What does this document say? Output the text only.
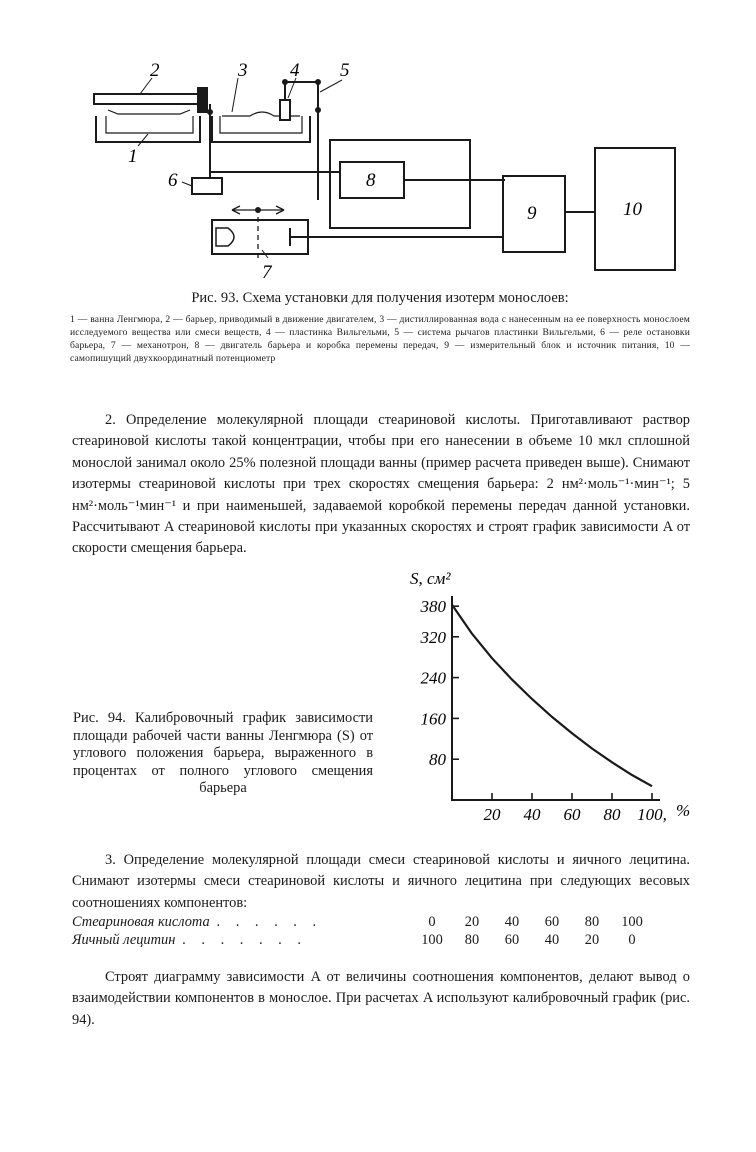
2	3 4 5
1
6
7
8
9	10
Рис. 93. Схема установки для получения изотерм монослоев:
1 — ванна Ленгмюра, 2 — барьер, приводимый в движение двигателем, 3 — дистиллированная вода с нанесенным на ее поверхность монослоем исследуемого вещества или смеси веществ, 4 — пластинка Вильгельми, 5 — система рычагов пластинки Вильгельми, 6 — реле остановки барьера, 7 — механотрон, 8 — двигатель барьера и коробка перемены передач, 9 — измерительный блок и источник питания, 10 — самопишущий двухкоординатный потенциометр
2. Определение молекулярной площади стеариновой кислоты. Приготавливают раствор стеариновой кислоты такой концентрации, чтобы при его нанесении в объеме 10 мкл сплошной монослой занимал около 25% полезной площади ванны (пример расчета приведен выше). Снимают изотермы стеариновой кислоты при трех скоростях смещения барьера: 2 нм²·моль⁻¹·мин⁻¹; 5 нм²·моль⁻¹мин⁻¹ и при наименьшей, задаваемой коробкой перемены передач данной установки. Рассчитывают A стеариновой кислоты при указанных скоростях и строят график зависимости A от скорости смещения барьера.
Рис. 94. Калибровочный график зависимости площади рабочей части ванны Ленгмюра (S) от углового положения барьера, выраженного в процентах от полного углового смещения барьера
S, см²
%
20 40 60 80 100,
80
160
240
320
380
3. Определение молекулярной площади смеси стеариновой кислоты и яичного лецитина. Снимают изотермы смеси стеариновой кислоты и яичного лецитина при следующих весовых соотношениях компонентов:
Стеариновая кислота . . . . . .	0	20	40	60	80	100
Яичный лецитин . . . . . . .	100	80	60	40	20	0
Строят диаграмму зависимости A от величины соотношения компонентов, делают вывод о взаимодействии компонентов в монослое. При расчетах A используют калибровочный график (рис. 94).
